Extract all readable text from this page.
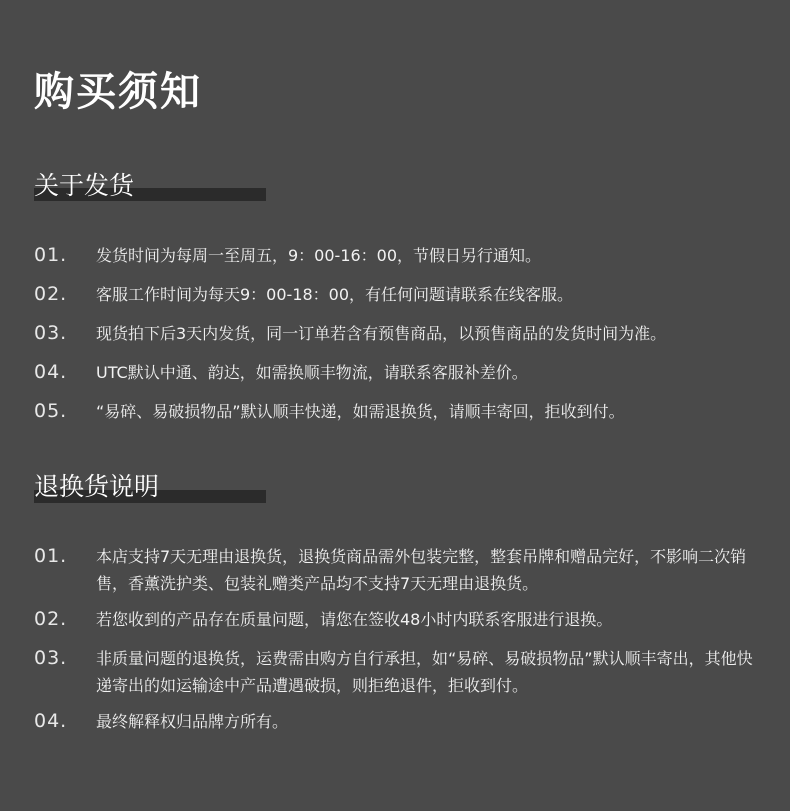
购买须知
关于发货
01. 发货时间为每周一至周五，9：00-16：00，节假日另行通知。
02. 客服工作时间为每天9：00-18：00，有任何问题请联系在线客服。
03. 现货拍下后3天内发货，同一订单若含有预售商品，以预售商品的发货时间为准。
04. UTC默认中通、韵达，如需换顺丰物流，请联系客服补差价。
05. “易碎、易破损物品”默认顺丰快递，如需退换货，请顺丰寄回，拒收到付。
退换货说明
01. 本店支持7天无理由退换货，退换货商品需外包装完整，整套吊牌和赠品完好，不影响二次销售，香薰洗护类、包装礼赠类产品均不支持7天无理由退换货。
02. 若您收到的产品存在质量问题，请您在签收48小时内联系客服进行退换。
03. 非质量问题的退换货，运费需由购方自行承担，如“易碎、易破损物品”默认顺丰寄出，其他快递寄出的如运输途中产品遭遇破损，则拒绝退件，拒收到付。
04. 最终解释权归品牌方所有。
